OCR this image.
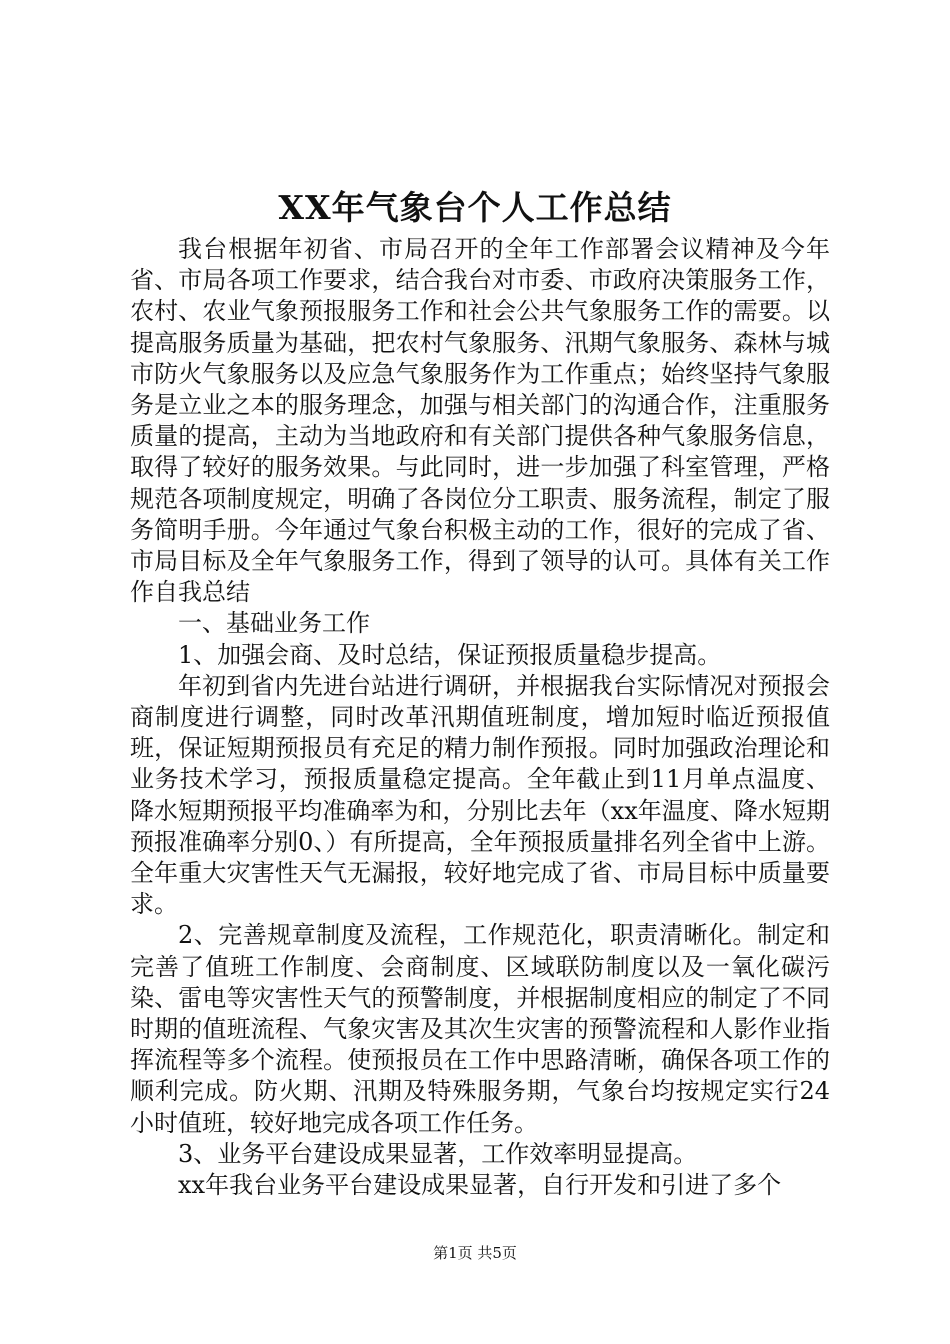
XX年气象台个人工作总结

我台根据年初省、市局召开的全年工作部署会议精神及今年省、市局各项工作要求，结合我台对市委、市政府决策服务工作，农村、农业气象预报服务工作和社会公共气象服务工作的需要。以提高服务质量为基础，把农村气象服务、汛期气象服务、森林与城市防火气象服务以及应急气象服务作为工作重点；始终坚持气象服务是立业之本的服务理念，加强与相关部门的沟通合作，注重服务质量的提高，主动为当地政府和有关部门提供各种气象服务信息，取得了较好的服务效果。与此同时，进一步加强了科室管理，严格规范各项制度规定，明确了各岗位分工职责、服务流程，制定了服务简明手册。今年通过气象台积极主动的工作，很好的完成了省、市局目标及全年气象服务工作，得到了领导的认可。具体有关工作作自我总结

一、基础业务工作

1、加强会商、及时总结，保证预报质量稳步提高。

年初到省内先进台站进行调研，并根据我台实际情况对预报会商制度进行调整，同时改革汛期值班制度，增加短时临近预报值班，保证短期预报员有充足的精力制作预报。同时加强政治理论和业务技术学习，预报质量稳定提高。全年截止到11月单点温度、降水短期预报平均准确率为和，分别比去年（xx年温度、降水短期预报准确率分别0、）有所提高，全年预报质量排名列全省中上游。全年重大灾害性天气无漏报，较好地完成了省、市局目标中质量要求。

2、完善规章制度及流程，工作规范化，职责清晰化。制定和完善了值班工作制度、会商制度、区域联防制度以及一氧化碳污染、雷电等灾害性天气的预警制度，并根据制度相应的制定了不同时期的值班流程、气象灾害及其次生灾害的预警流程和人影作业指挥流程等多个流程。使预报员在工作中思路清晰，确保各项工作的顺利完成。防火期、汛期及特殊服务期，气象台均按规定实行24小时值班，较好地完成各项工作任务。

3、业务平台建设成果显著，工作效率明显提高。

xx年我台业务平台建设成果显著，自行开发和引进了多个

第1页 共5页
